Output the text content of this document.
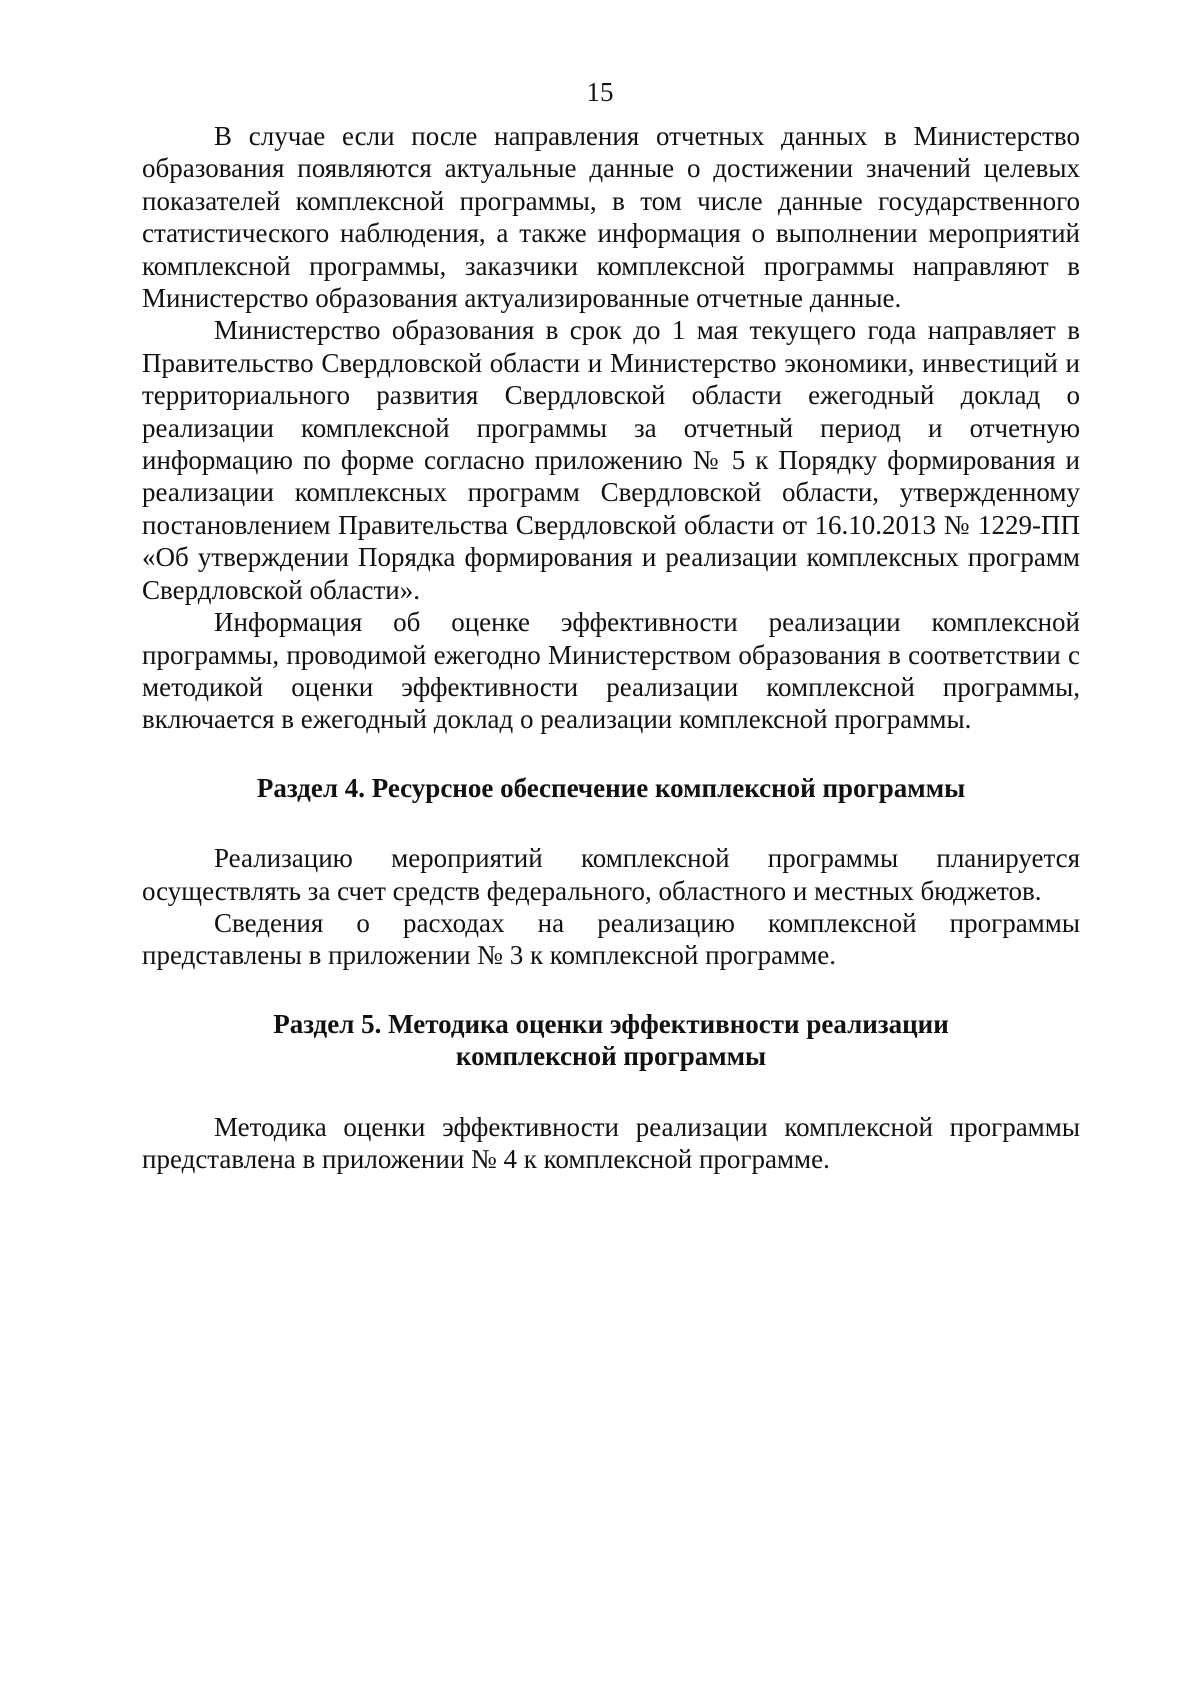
15

В случае если после направления отчетных данных в Министерство образования появляются актуальные данные о достижении значений целевых показателей комплексной программы, в том числе данные государственного статистического наблюдения, а также информация о выполнении мероприятий комплексной программы, заказчики комплексной программы направляют в Министерство образования актуализированные отчетные данные.

Министерство образования в срок до 1 мая текущего года направляет в Правительство Свердловской области и Министерство экономики, инвестиций и территориального развития Свердловской области ежегодный доклад о реализации комплексной программы за отчетный период и отчетную информацию по форме согласно приложению № 5 к Порядку формирования и реализации комплексных программ Свердловской области, утвержденному постановлением Правительства Свердловской области от 16.10.2013 № 1229-ПП «Об утверждении Порядка формирования и реализации комплексных программ Свердловской области».

Информация об оценке эффективности реализации комплексной программы, проводимой ежегодно Министерством образования в соответствии с методикой оценки эффективности реализации комплексной программы, включается в ежегодный доклад о реализации комплексной программы.

Раздел 4. Ресурсное обеспечение комплексной программы

Реализацию мероприятий комплексной программы планируется осуществлять за счет средств федерального, областного и местных бюджетов.

Сведения о расходах на реализацию комплексной программы представлены в приложении № 3 к комплексной программе.

Раздел 5. Методика оценки эффективности реализации
комплексной программы

Методика оценки эффективности реализации комплексной программы представлена в приложении № 4 к комплексной программе.
